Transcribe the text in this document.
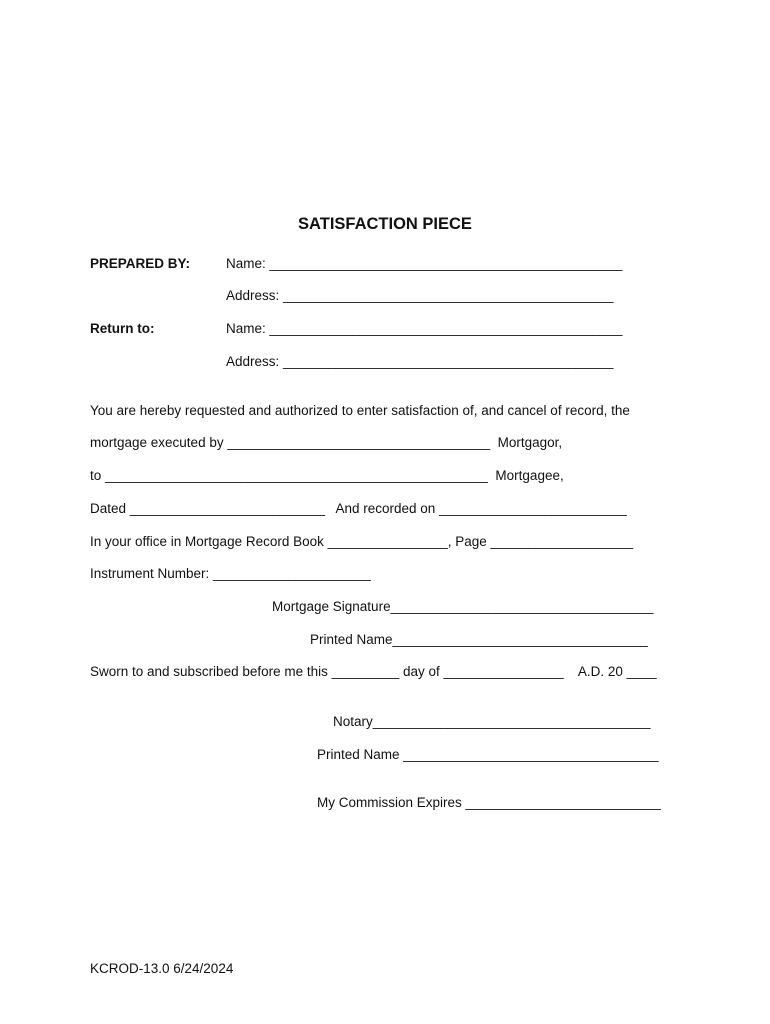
SATISFACTION PIECE
PREPARED BY:	Name: _______________________________________________
Address: ____________________________________________
Return to:	Name: _______________________________________________
Address: ____________________________________________
You are hereby requested and authorized to enter satisfaction of, and cancel of record, the
mortgage executed by ___________________________________  Mortgagor,
to ___________________________________________________  Mortgagee,
Dated __________________________   And recorded on _________________________
In your office in Mortgage Record Book ________________, Page ___________________
Instrument Number: _____________________
Mortgage Signature___________________________________
Printed Name__________________________________
Sworn to and subscribed before me this _________ day of ________________    A.D. 20 ____
Notary_____________________________________
Printed Name __________________________________
My Commission Expires __________________________
KCROD-13.0 6/24/2024
